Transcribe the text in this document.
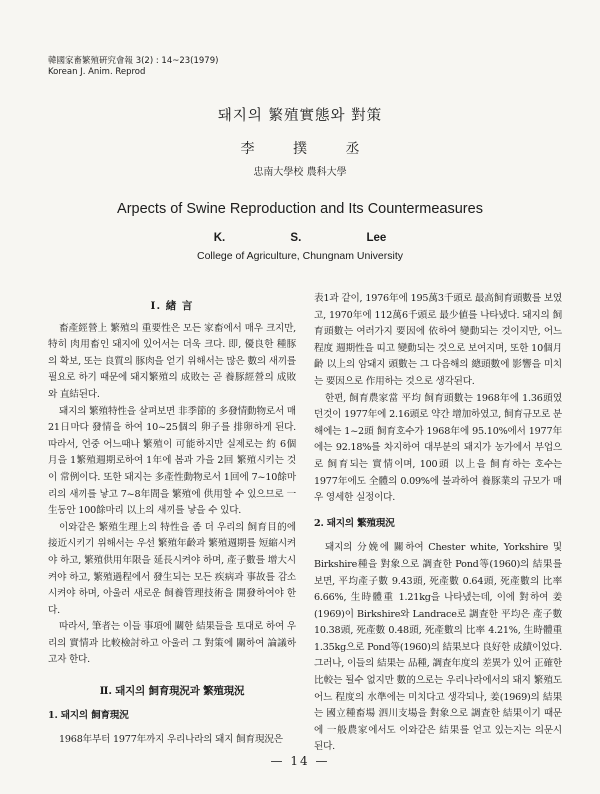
韓國家畜繁殖硏究會報 3(2) : 14~23(1979)
Korean J. Anim. Reprod
돼지의 繁殖實態와 對策
李 撲 丞
忠南大學校 農科大學
Arpects of Swine Reproduction and Its Countermeasures
K. S. Lee
College of Agriculture, Chungnam University
Ⅰ. 緖 言

畜產經營上 繁殖의 重要性은 모든 家畜에서 매우 크지만, 特히 肉用畜인 돼지에 있어서는 더욱 크다. 即, 優良한 種豚의 확보, 또는 良質의 豚肉을 얻기 위해서는 많은 數의 새끼를 필요로 하기 때문에 돼지繁殖의 成敗는 곧 養豚經營의 成敗와 直結된다.

돼지의 繁殖特性을 살펴보면 非季節的 多發情動物로서 매21日마다 發情을 하여 10~25個의 卵子를 排卵하게 된다. 따라서, 언중 어느때나 繁殖이 可能하지만 실제로는 約 6個月을 1繁殖週期로하여 1年에 봄과 가을 2回 繁殖시키는 것이 常例이다. 또한 돼지는 多產性動物로서 1回에 7~10餘마리의 새끼를 낳고 7~8年間을 繁殖에 供用할 수 있으므로 一生동안 100餘마리 以上의 새끼를 낳을 수 있다.

이와같은 繁殖生理上의 特性을 좀 더 우리의 飼育目的에 接近시키기 위해서는 우선 繁殖年齡과 繁殖週期를 短縮시켜야 하고, 繁殖供用年限을 延長시켜야 하며, 產子數를 增大시켜야 하고, 繁殖過程에서 發生되는 모든 疾病과 事故를 감소시켜야 하며, 아울러 새로운 飼養管理技術을 開發하여야 한다.

따라서, 筆者는 이들 事項에 關한 結果들을 토대로 하여 우리의 實情과 比較檢討하고 아울러 그 對策에 關하여 論議하고자 한다.

Ⅱ. 돼지의 飼育現況과 繁殖現況
1. 돼지의 飼育現況

1968年부터 1977年까지 우리나라의 돼지 飼育現況은

表1과 같이, 1976年에 195萬3千頭로 最高飼育頭數를 보였고, 1970年에 112萬6千頭로 最少値를 나타냈다. 돼지의 飼育頭數는 여러가지 要因에 依하여 變動되는 것이지만, 어느 程度 週期性을 띠고 變動되는 것으로 보여지며, 또한 10個月齡 以上의 암돼지 頭數는 그 다음해의 總頭數에 影響을 미치는 要因으로 作用하는 것으로 생각된다.

한편, 飼育農家當 平均 飼育頭數는 1968年에 1.36頭였던것이 1977年에 2.16頭로 약간 增加하였고, 飼育규모로 분해에는 1~2頭 飼育호수가 1968年에 95.10%에서 1977年에는 92.18%를 차지하여 대부분의 돼지가 농가에서 부업으로 飼育되는 實情이며, 100頭 以上을 飼育하는 호수는 1977年에도 全體의 0.09%에 불과하여 養豚業의 규모가 매우 영세한 실정이다.

2. 돼지의 繁殖現況

돼지의 分娩에 關하여 Chester white, Yorkshire 및 Birkshire種을 對象으로 調査한 Pond等(1960)의 結果를 보면, 平均產子數 9.43頭, 死產數 0.64頭, 死產數의 比率 6.66%, 生時體重 1.21kg을 나타냈는데, 이에 對하여 姜(1969)이 Birkshire와 Landrace로 調査한 平均은 產子數 10.38頭, 死產數 0.48頭, 死產數의 比率 4.21%, 生時體重 1.35kg으로 Pond等(1960)의 結果보다 良好한 成績이었다. 그러나, 이들의 結果는 品種, 調査年度의 差異가 있어 正確한 比較는 될수 없지만 數的으로는 우리나라에서의 돼지 繁殖도 어느 程度의 水準에는 미치다고 생각되나, 姜(1969)의 結果는 國立種畜場 泗川支場을 對象으로 調査한 結果이기 때문에 一般農家에서도 이와같은 結果를 얻고 있는지는 의문시 된다.

— 14 —
